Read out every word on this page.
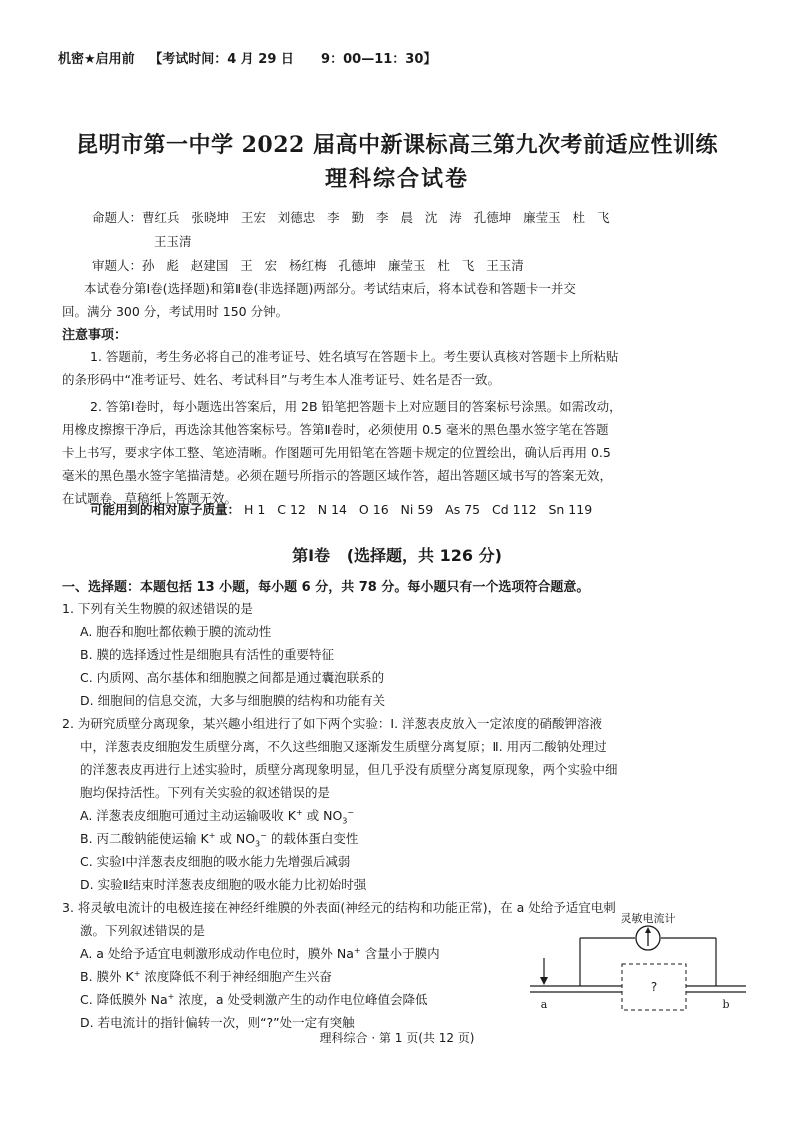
机密★启用前 【考试时间：4 月 29 日      9：00—11：30】
昆明市第一中学 2022 届高中新课标高三第九次考前适应性训练
理科综合试卷
命题人：曹红兵   张晓坤   王宏   刘德忠   李   勤   李   晨   沈   涛   孔德坤   廉莹玉   杜   飞
王玉清
审题人：孙   彪   赵建国   王   宏   杨红梅   孔德坤   廉莹玉   杜   飞   王玉清
本试卷分第Ⅰ卷(选择题)和第Ⅱ卷(非选择题)两部分。考试结束后，将本试卷和答题卡一并交
回。满分 300 分，考试用时 150 分钟。
注意事项：
1. 答题前，考生务必将自己的准考证号、姓名填写在答题卡上。考生要认真核对答题卡上所粘贴
的条形码中“准考证号、姓名、考试科目”与考生本人准考证号、姓名是否一致。
2. 答第Ⅰ卷时，每小题选出答案后，用 2B 铅笔把答题卡上对应题目的答案标号涂黑。如需改动，
用橡皮擦擦干净后，再选涂其他答案标号。答第Ⅱ卷时，必须使用 0.5 毫米的黑色墨水签字笔在答题
卡上书写，要求字体工整、笔迹清晰。作图题可先用铅笔在答题卡规定的位置绘出，确认后再用 0.5
毫米的黑色墨水签字笔描清楚。必须在题号所指示的答题区域作答，超出答题区域书写的答案无效，
在试题卷、草稿纸上答题无效。
可能用到的相对原子质量： H 1   C 12   N 14   O 16   Ni 59   As 75   Cd 112   Sn 119
第Ⅰ卷   (选择题，共 126 分)
一、选择题：本题包括 13 小题，每小题 6 分，共 78 分。每小题只有一个选项符合题意。
1. 下列有关生物膜的叙述错误的是
A. 胞吞和胞吐都依赖于膜的流动性
B. 膜的选择透过性是细胞具有活性的重要特征
C. 内质网、高尔基体和细胞膜之间都是通过囊泡联系的
D. 细胞间的信息交流，大多与细胞膜的结构和功能有关
2. 为研究质壁分离现象，某兴趣小组进行了如下两个实验：Ⅰ. 洋葱表皮放入一定浓度的硝酸钾溶液
中，洋葱表皮细胞发生质壁分离，不久这些细胞又逐渐发生质壁分离复原；Ⅱ. 用丙二酸钠处理过
的洋葱表皮再进行上述实验时，质壁分离现象明显，但几乎没有质壁分离复原现象，两个实验中细
胞均保持活性。下列有关实验的叙述错误的是
A. 洋葱表皮细胞可通过主动运输吸收 K+ 或 $NO_3^-$
B. 丙二酸钠能使运输 K+ 或 $NO_3^-$ 的载体蛋白变性
C. 实验Ⅰ中洋葱表皮细胞的吸水能力先增强后减弱
D. 实验Ⅱ结束时洋葱表皮细胞的吸水能力比初始时强
3. 将灵敏电流计的电极连接在神经纤维膜的外表面(神经元的结构和功能正常)，在 a 处给予适宜电刺
激。下列叙述错误的是
A. a 处给予适宜电刺激形成动作电位时，膜外 Na+ 含量小于膜内
B. 膜外 K+ 浓度降低不利于神经细胞产生兴奋
C. 降低膜外 Na+ 浓度，a 处受刺激产生的动作电位峰值会降低
D. 若电流计的指针偏转一次，则“?”处一定有突触
灵敏电流计
?
a	b
理科综合 · 第 1 页(共 12 页)
